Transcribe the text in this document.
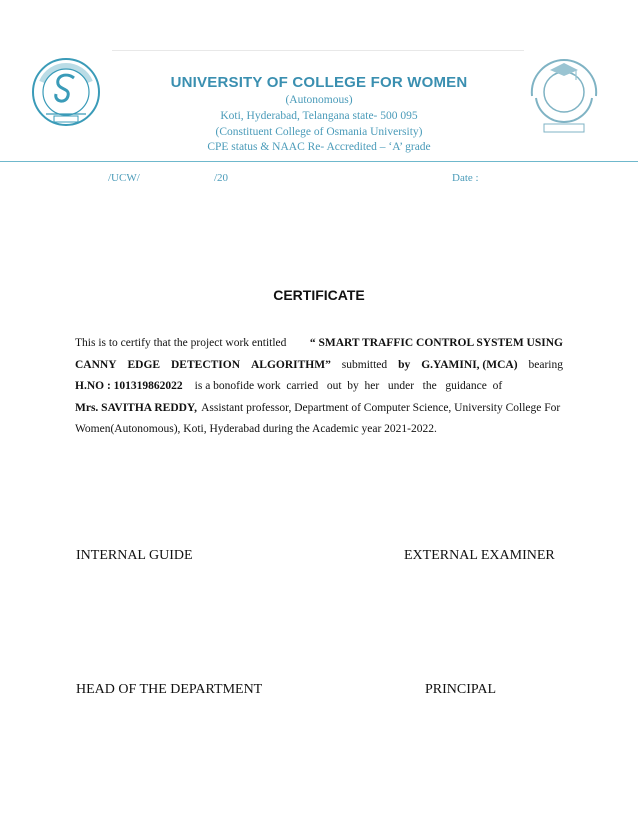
UNIVERSITY OF COLLEGE FOR WOMEN
(Autonomous)
Koti, Hyderabad, Telangana state- 500 095
(Constituent College of Osmania University)
CPE status & NAAC Re- Accredited – ‘A’ grade
/UCW/	/20	Date :
CERTIFICATE
This is to certify that the project work entitled “ SMART TRAFFIC CONTROL SYSTEM USING
CANNY EDGE DETECTION ALGORITHM” submitted by G.YAMINI, (MCA) bearing
H.NO : 101319862022 is a bonofide work  carried   out  by  her   under   the   guidance  of
Mrs. SAVITHA REDDY, Assistant professor, Department of Computer Science, University College For
Women(Autonomous), Koti, Hyderabad during the Academic year 2021-2022.
INTERNAL GUIDE	EXTERNAL EXAMINER
HEAD OF THE DEPARTMENT	PRINCIPAL
